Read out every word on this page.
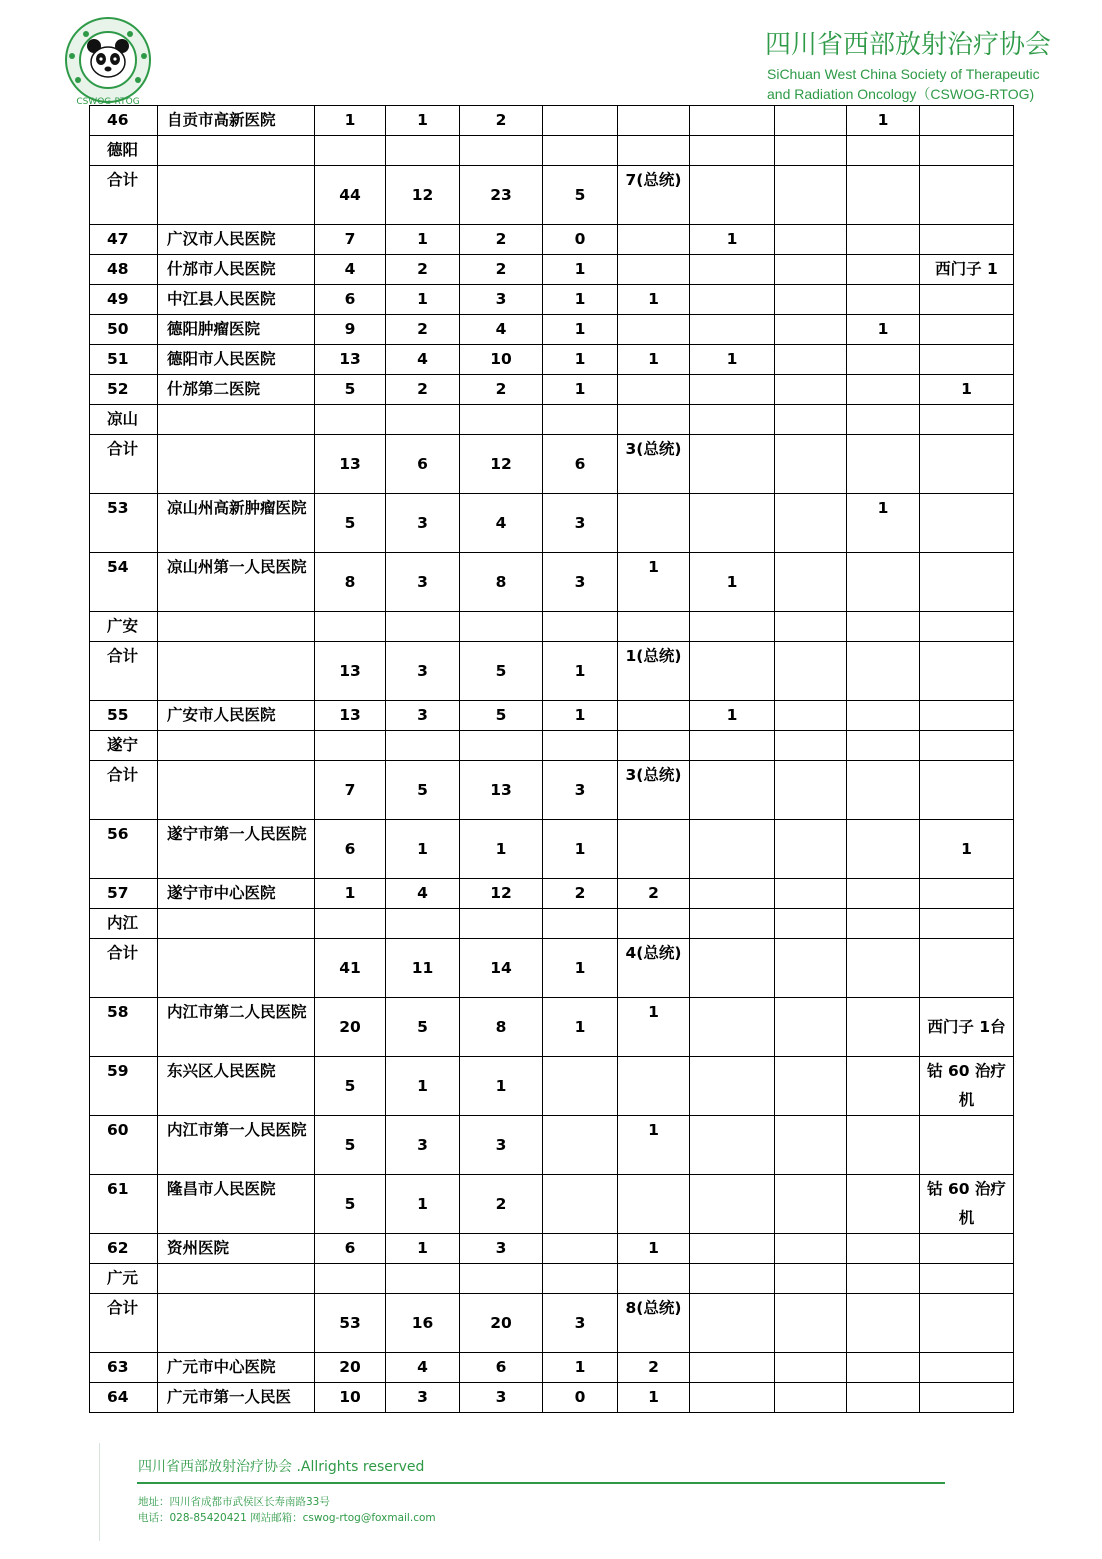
CSWOG-RTOG
四川省西部放射治疗协会
SiChuan West China Society of Therapeutic
and Radiation Oncology（CSWOG-RTOG)
46	自贡市高新医院	1	1	2					1	
德阳										
合计		44	12	23	5	7(总统)				
47	广汉市人民医院	7	1	2	0		1			
48	什邡市人民医院	4	2	2	1					西门子 1
49	中江县人民医院	6	1	3	1	1				
50	德阳肿瘤医院	9	2	4	1				1	
51	德阳市人民医院	13	4	10	1	1	1			
52	什邡第二医院	5	2	2	1					1
凉山										
合计		13	6	12	6	3(总统)				
53	凉山州高新肿瘤医院	5	3	4	3				1	
54	凉山州第一人民医院	8	3	8	3	1	1			
广安										
合计		13	3	5	1	1(总统)				
55	广安市人民医院	13	3	5	1		1			
遂宁										
合计		7	5	13	3	3(总统)				
56	遂宁市第一人民医院	6	1	1	1					1
57	遂宁市中心医院	1	4	12	2	2				
内江										
合计		41	11	14	1	4(总统)				
58	内江市第二人民医院	20	5	8	1	1				西门子 1台
59	东兴区人民医院	5	1	1						钴 60 治疗机
60	内江市第一人民医院	5	3	3		1				
61	隆昌市人民医院	5	1	2						钴 60 治疗机
62	资州医院	6	1	3		1				
广元										
合计		53	16	20	3	8(总统)				
63	广元市中心医院	20	4	6	1	2				
64	广元市第一人民医	10	3	3	0	1				
四川省西部放射治疗协会 .Allrights reserved
地址：四川省成都市武侯区长寿南路33号
电话：028-85420421 网站邮箱：cswog-rtog@foxmail.com
